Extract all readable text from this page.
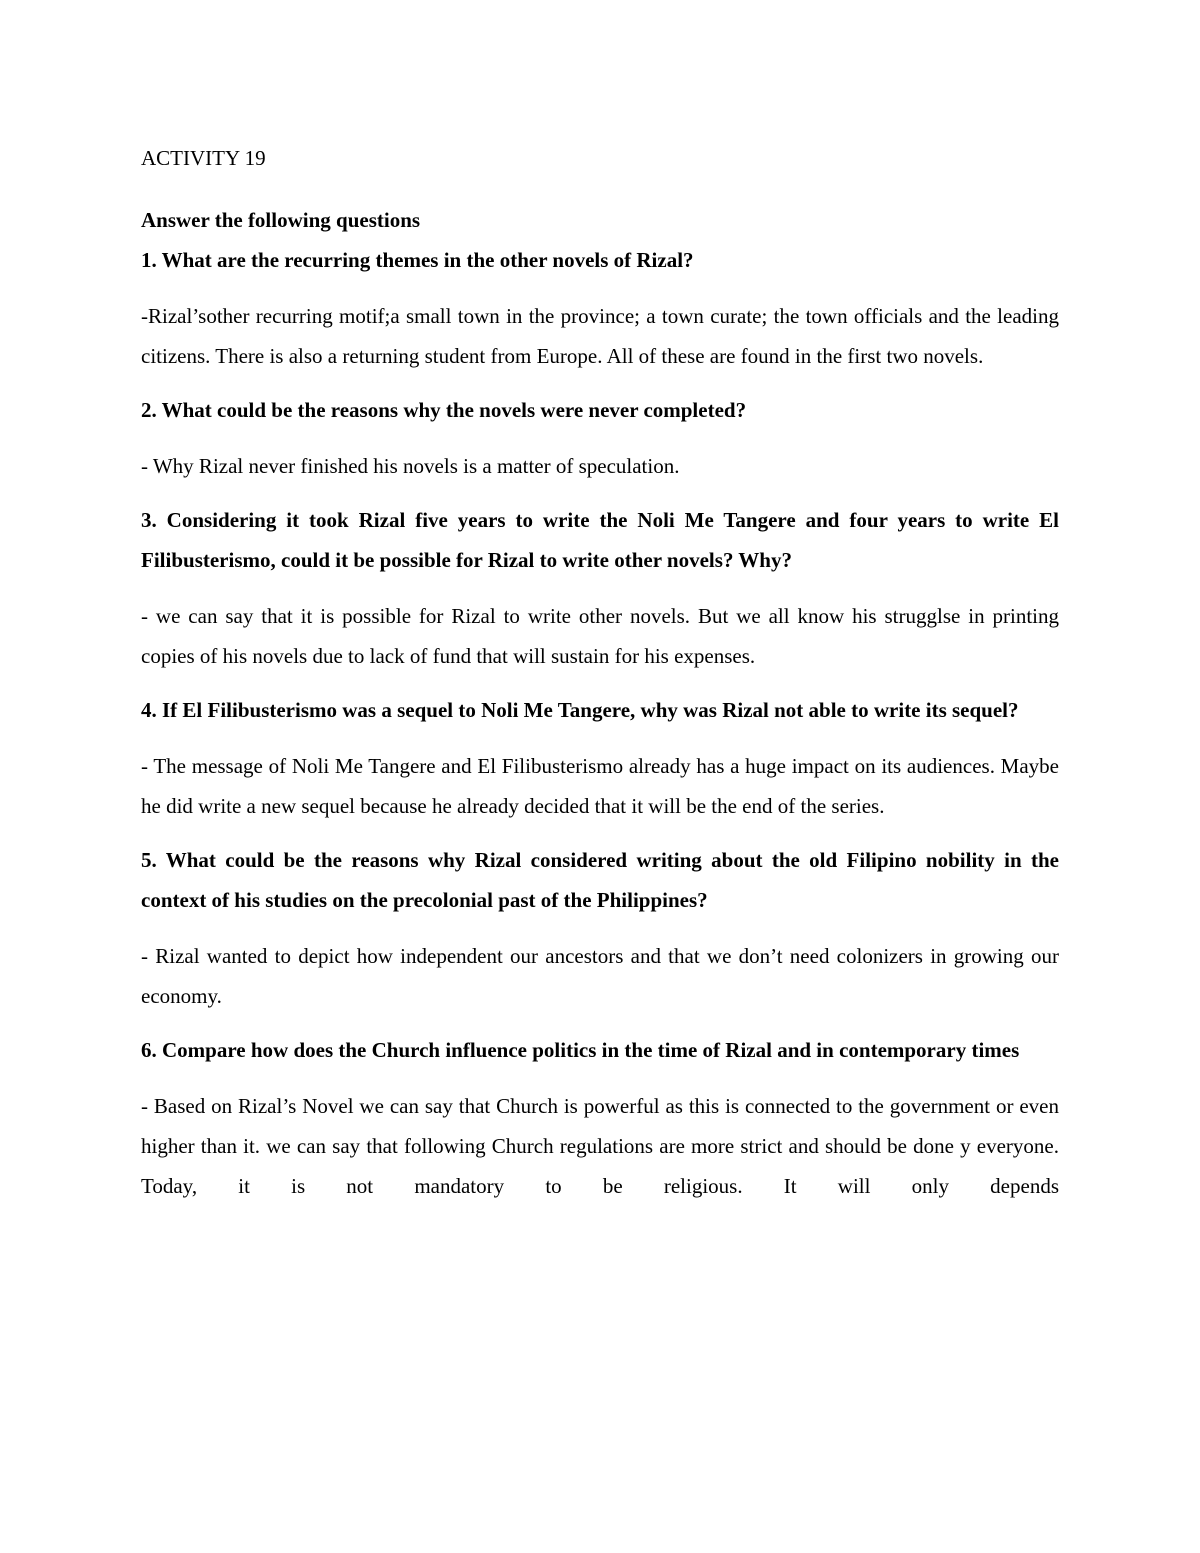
ACTIVITY 19

Answer the following questions

1. What are the recurring themes in the other novels of Rizal?

-Rizal’sother recurring motif;a small town in the province; a town curate; the town officials and the leading citizens. There is also a returning student from Europe. All of these are found in the first two novels.

2. What could be the reasons why the novels were never completed?

- Why Rizal never finished his novels is a matter of speculation.

3. Considering it took Rizal five years to write the Noli Me Tangere and four years to write El Filibusterismo, could it be possible for Rizal to write other novels? Why?

- we can say that it is possible for Rizal to write other novels. But we all know his strugglse in printing copies of his novels due to lack of fund that will sustain for his expenses.

4. If El Filibusterismo was a sequel to Noli Me Tangere, why was Rizal not able to write its sequel?

- The message of Noli Me Tangere and El Filibusterismo already has a huge impact on its audiences. Maybe he did write a new sequel because he already decided that it will be the end of the series.

5. What could be the reasons why Rizal considered writing about the old Filipino nobility in the context of his studies on the precolonial past of the Philippines?

- Rizal wanted to depict how independent our ancestors and that we don’t need colonizers in growing our economy.

6. Compare how does the Church influence politics in the time of Rizal and in contemporary times

- Based on Rizal’s Novel we can say that Church is powerful as this is connected to the government or even higher than it. we can say that following Church regulations are more strict and should be done y everyone. Today, it is not mandatory to be religious. It will only depends
